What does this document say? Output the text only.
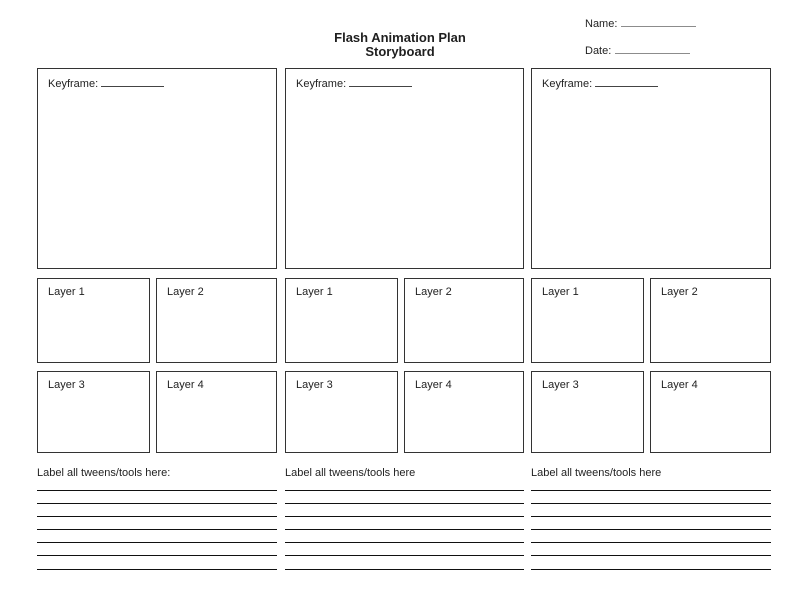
Flash Animation Plan
Storyboard
Name:
Date:
Keyframe:
Layer 1	Layer 2
Layer 3	Layer 4
Label all tweens/tools here:
Keyframe:
Layer 1	Layer 2
Layer 3	Layer 4
Label all tweens/tools here
Keyframe:
Layer 1	Layer 2
Layer 3	Layer 4
Label all tweens/tools here
